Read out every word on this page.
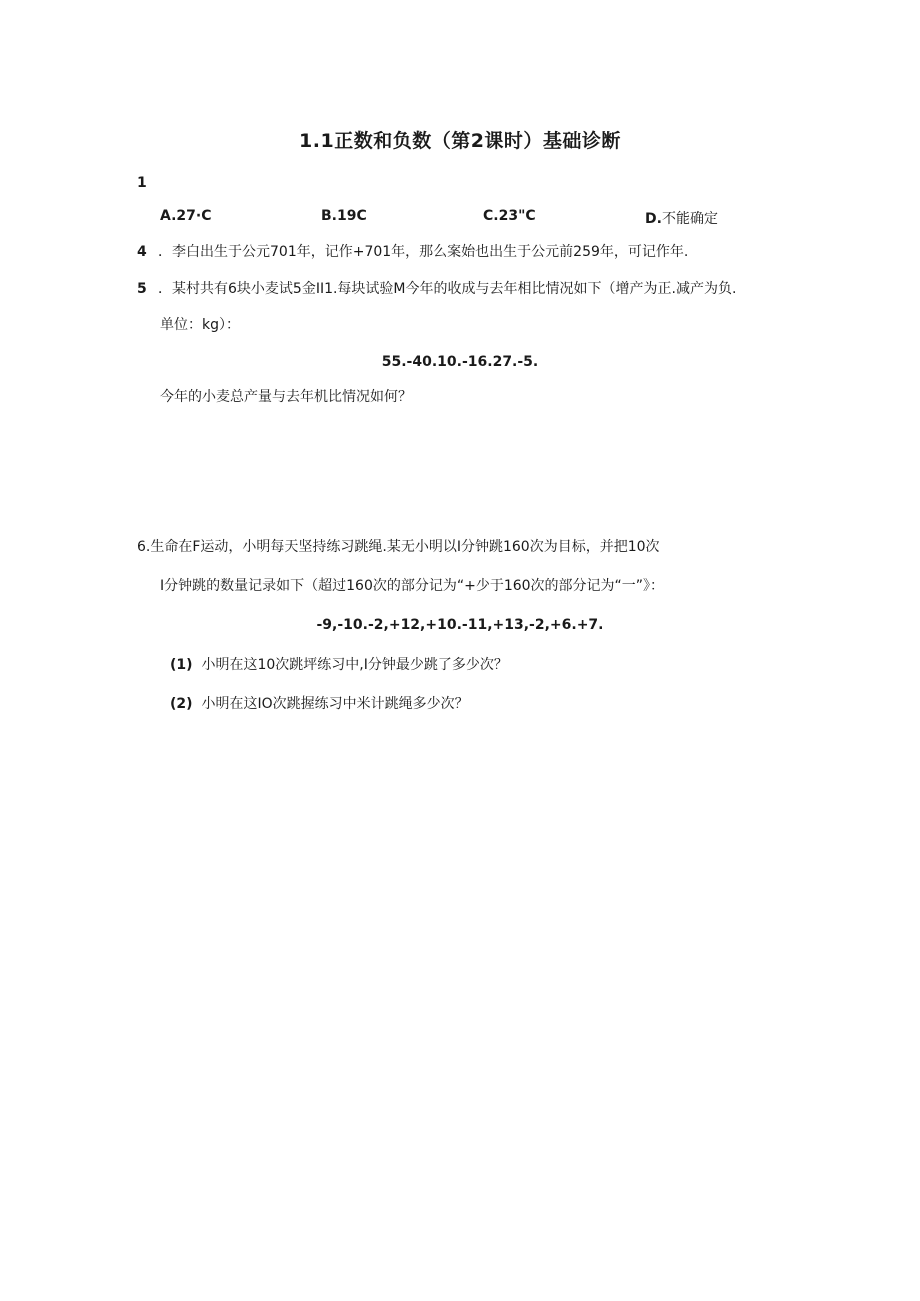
1.1正数和负数（第2课时）基础诊断
1
A.27·C	B.19C	C.23"C	D.不能确定
4 ．李白出生于公元701年，记作+701年，那么案始也出生于公元前259年，可记作年.
5 ．某村共有6块小麦试5金II1.每块试验M今年的收成与去年相比情况如下（增产为正.减产为负.
单位：kg）：
55.-40.10.-16.27.-5.
今年的小麦总产量与去年机比情况如何？
6.生命在F运动，小明每天坚持练习跳绳.某无小明以I分钟跳160次为目标，并把10次
I分钟跳的数量记录如下（超过160次的部分记为“+少于160次的部分记为“一”》：
-9,-10.-2,+12,+10.-11,+13,-2,+6.+7.
(1) 小明在这10次跳坪练习中,I分钟最少跳了多少次？
(2) 小明在这IO次跳握练习中米计跳绳多少次？
